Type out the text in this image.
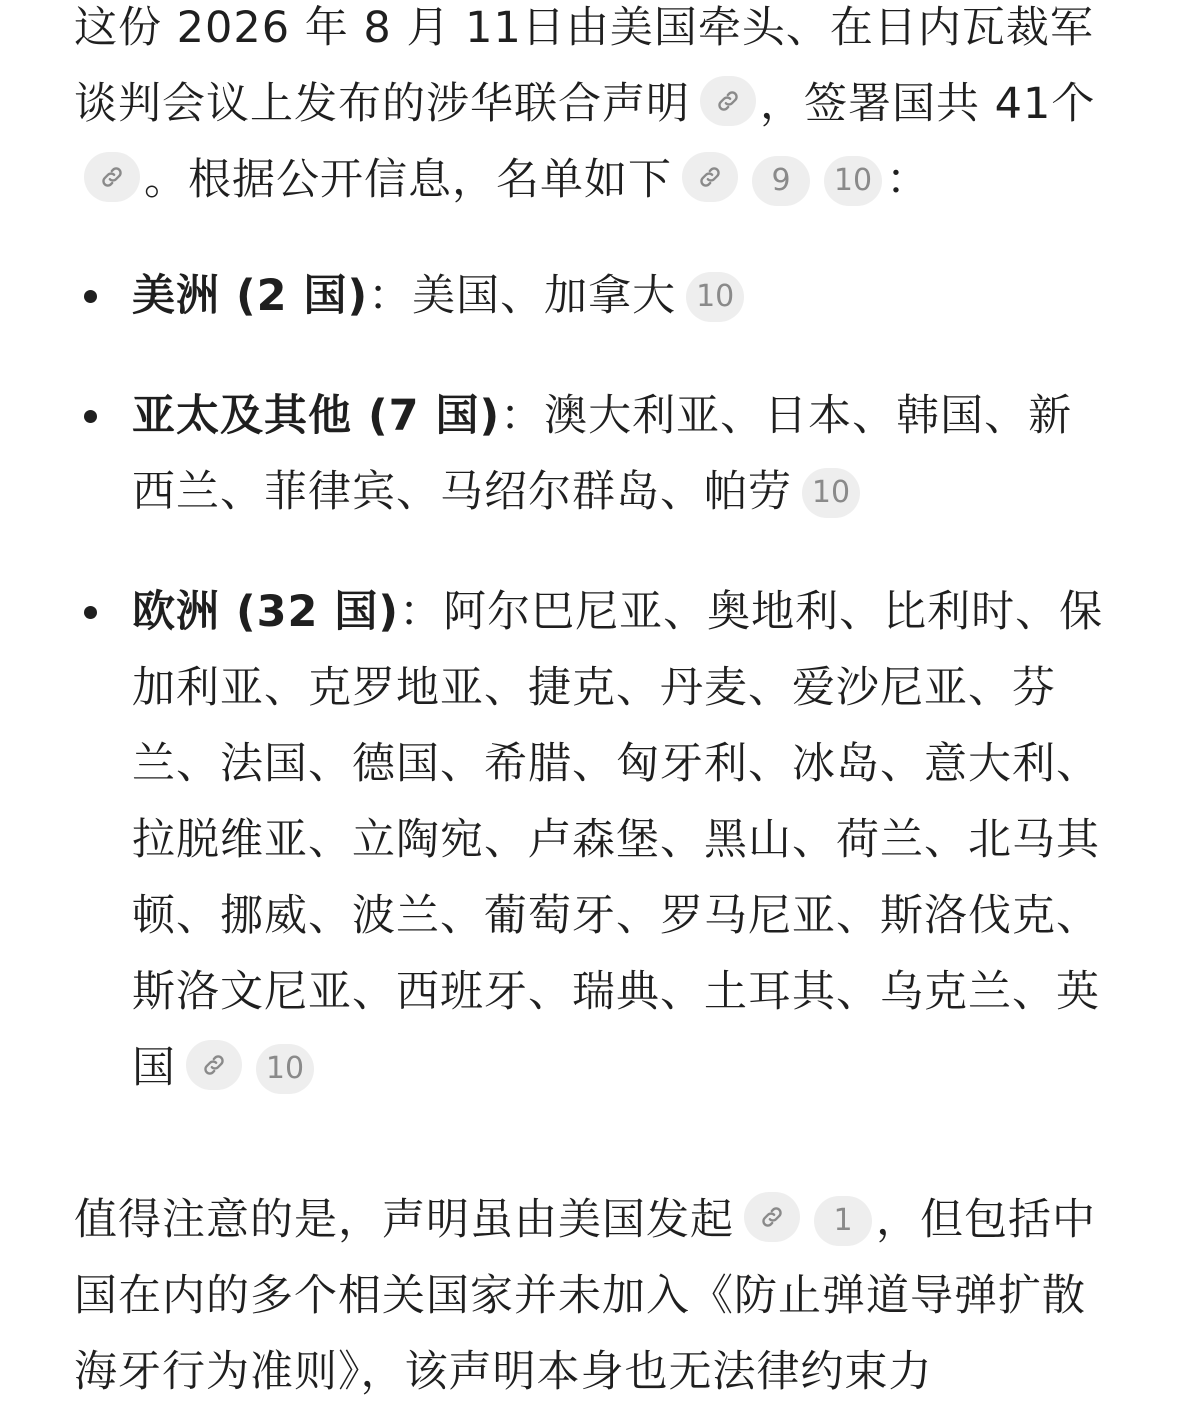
这份 2026 年 8 月 11日由美国牵头、在日内瓦裁军谈判会议上发布的涉华联合声明 ，签署国共 41个

。根据公开信息，名单如下	9 10 ：

美洲 (2 国)：美国、加拿大 10
亚太及其他 (7 国)：澳大利亚、日本、韩国、新西兰、菲律宾、马绍尔群岛、帕劳 10
欧洲 (32 国)：阿尔巴尼亚、奥地利、比利时、保加利亚、克罗地亚、捷克、丹麦、爱沙尼亚、芬兰、法国、德国、希腊、匈牙利、冰岛、意大利、拉脱维亚、立陶宛、卢森堡、黑山、荷兰、北马其顿、挪威、波兰、葡萄牙、罗马尼亚、斯洛伐克、斯洛文尼亚、西班牙、瑞典、土耳其、乌克兰、英国	10

值得注意的是，声明虽由美国发起	1 ，但包括中国在内的多个相关国家并未加入《防止弹道导弹扩散海牙行为准则》，该声明本身也无法律约束力
